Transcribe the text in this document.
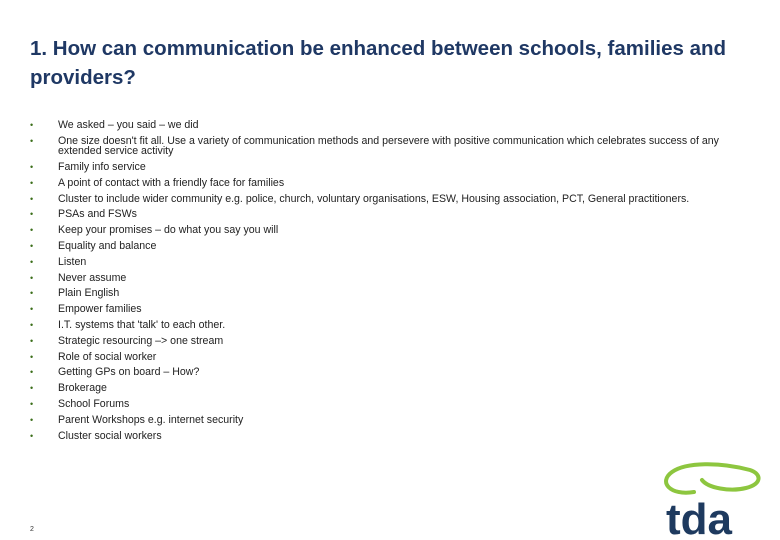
1. How can communication be enhanced between schools, families and providers?
• We asked – you said – we did
• One size doesn't fit all. Use a variety of communication methods and persevere with positive communication which celebrates success of any extended service activity
• Family info service
• A point of contact with a friendly face for families
• Cluster to include wider community e.g. police, church, voluntary organisations, ESW, Housing association, PCT, General practitioners.
• PSAs and FSWs
• Keep your promises – do what you say you will
• Equality and balance
• Listen
• Never assume
• Plain English
• Empower families
• I.T. systems that 'talk' to each other.
• Strategic resourcing –> one stream
• Role of social worker
• Getting GPs on board – How?
• Brokerage
• School Forums
• Parent Workshops e.g. internet security
• Cluster social workers
2	tda
